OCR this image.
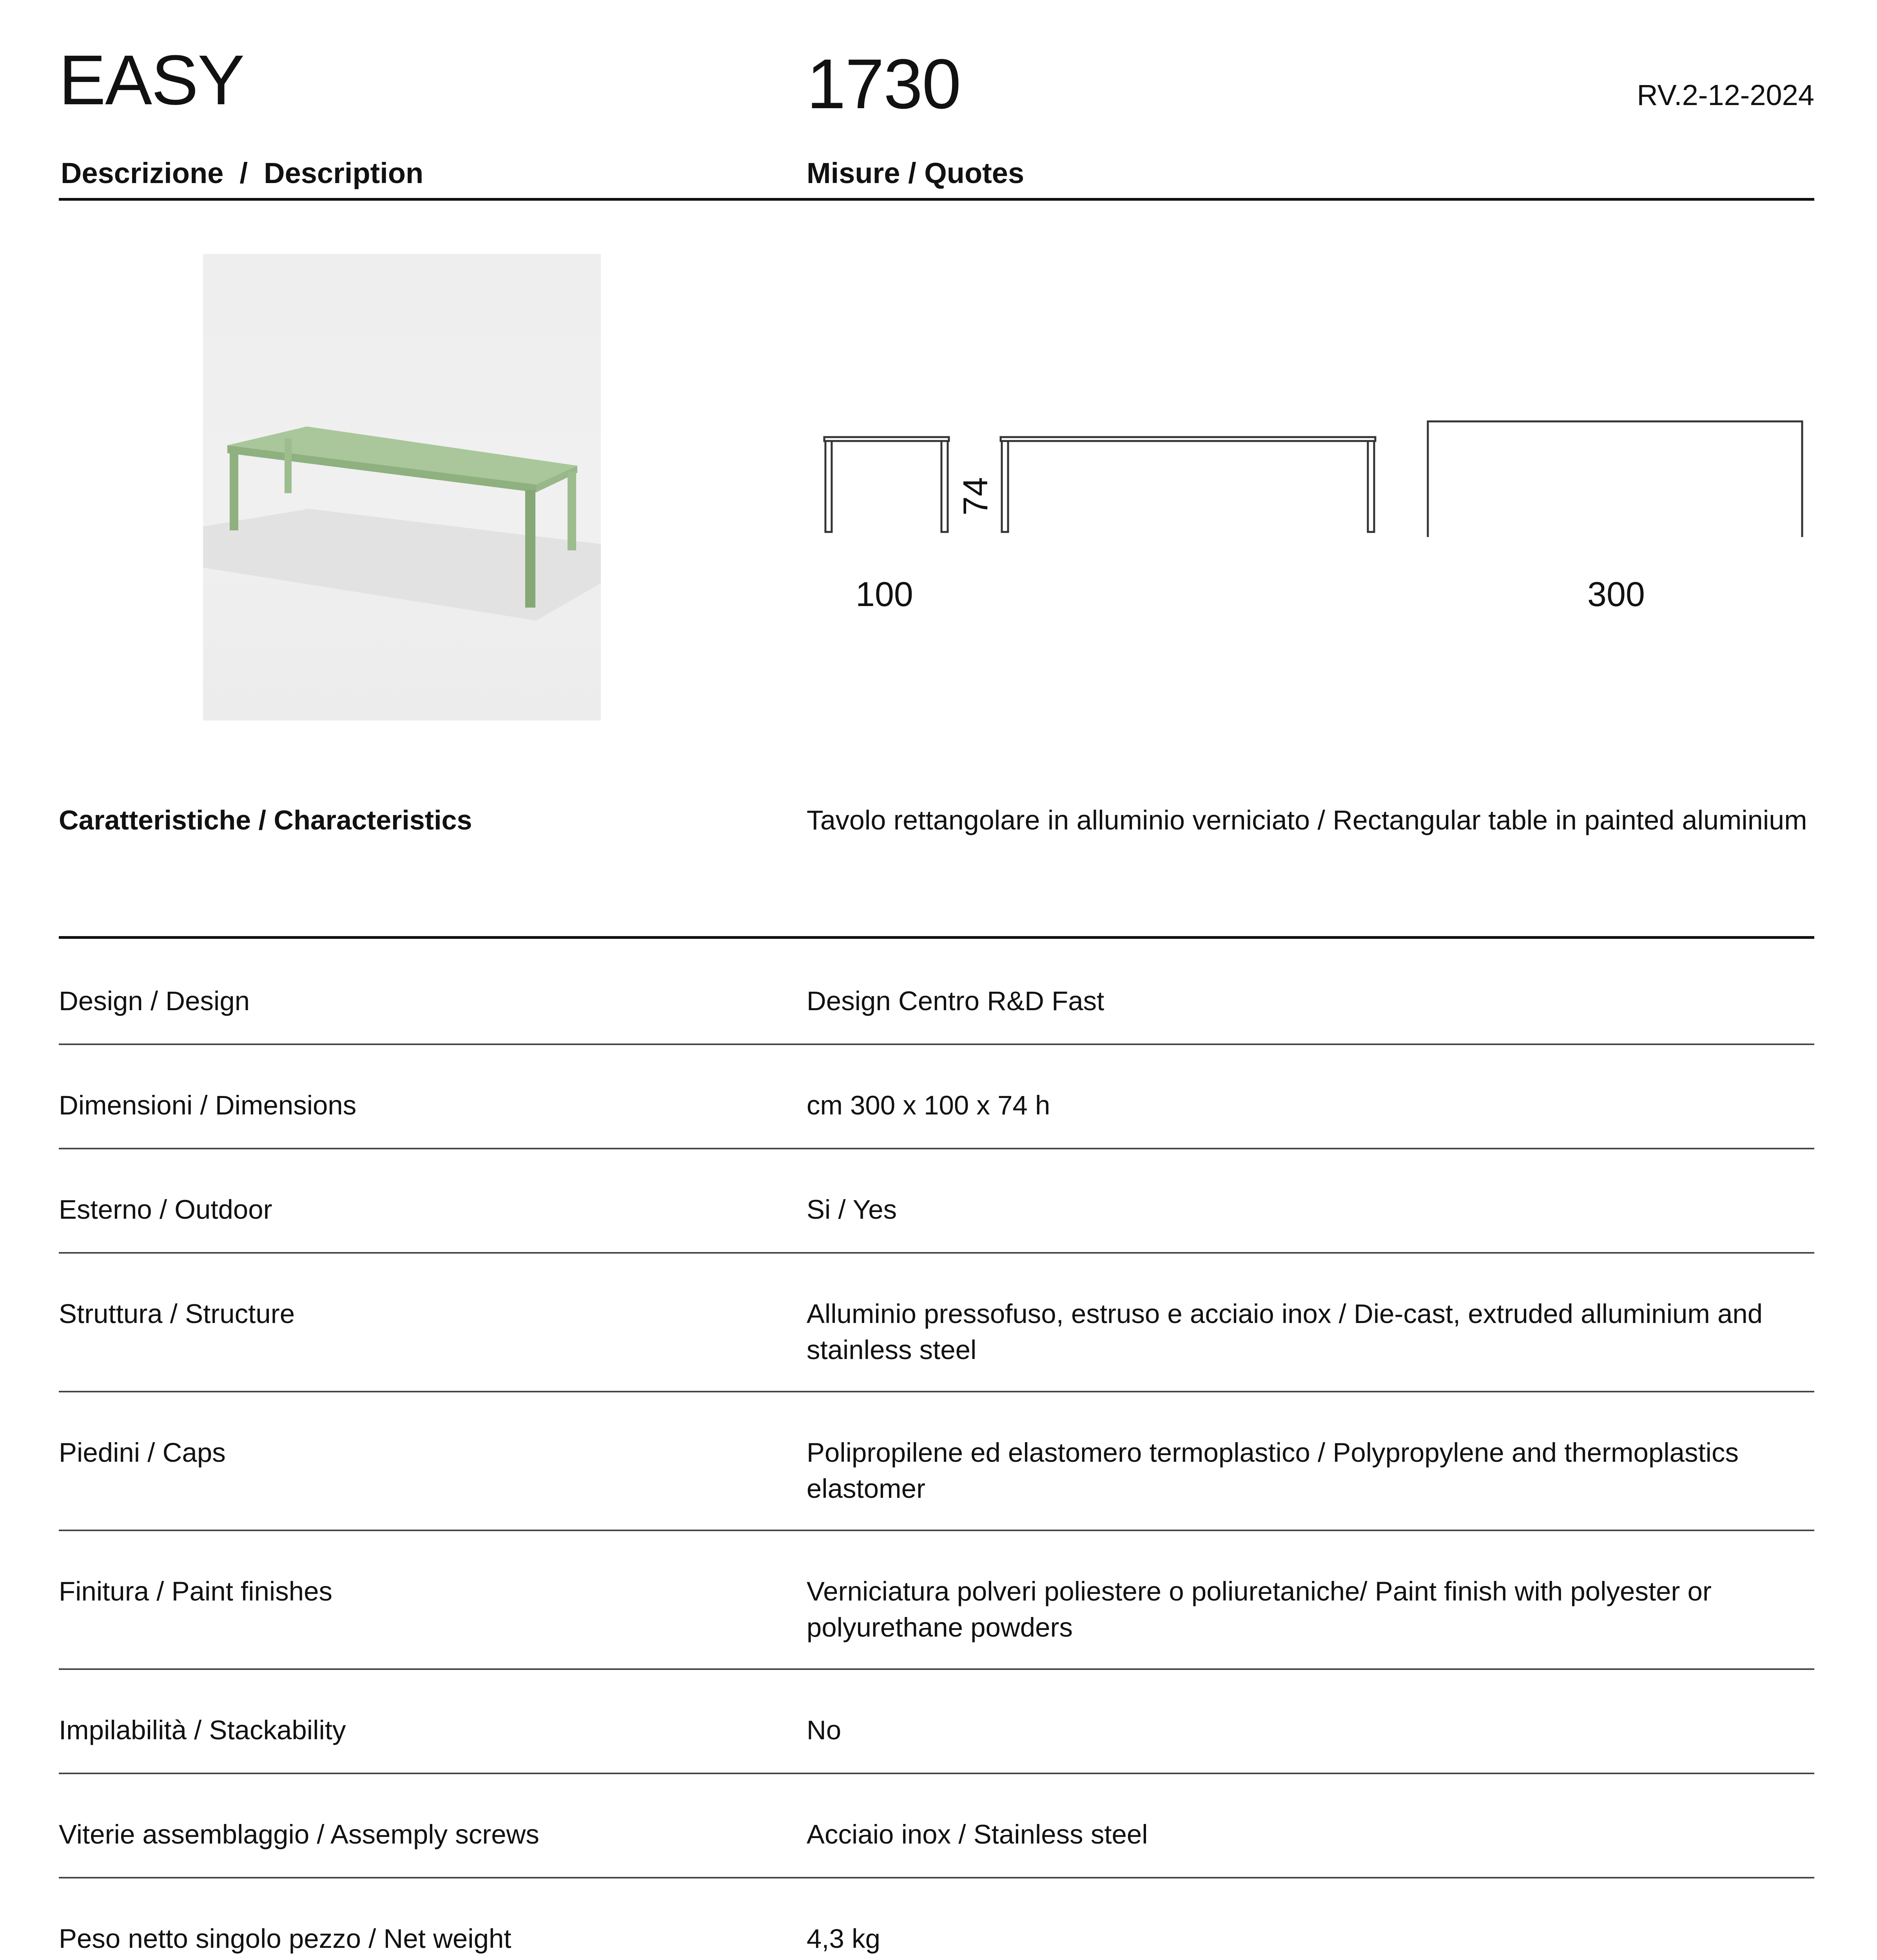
EASY	1730	RV.2-12-2024
Descrizione  /  Description	Misure / Quotes
100
74
300
Caratteristiche / Characteristics	Tavolo rettangolare in alluminio verniciato / Rectangular table in painted aluminium
Design / Design	Design Centro R&D Fast
Dimensioni / Dimensions	cm 300 x 100 x 74 h
Esterno / Outdoor	Si / Yes
Struttura / Structure	Alluminio pressofuso, estruso e acciaio inox / Die-cast, extruded alluminium and stainless steel
Piedini / Caps	Polipropilene ed elastomero termoplastico / Polypropylene and thermoplastics elastomer
Finitura / Paint finishes	Verniciatura polveri poliestere o poliuretaniche/ Paint finish with polyester or polyurethane powders
Impilabilità / Stackability	No
Viterie assemblaggio / Assemply screws	Acciaio inox / Stainless steel
Peso netto singolo pezzo / Net weight	4,3 kg
